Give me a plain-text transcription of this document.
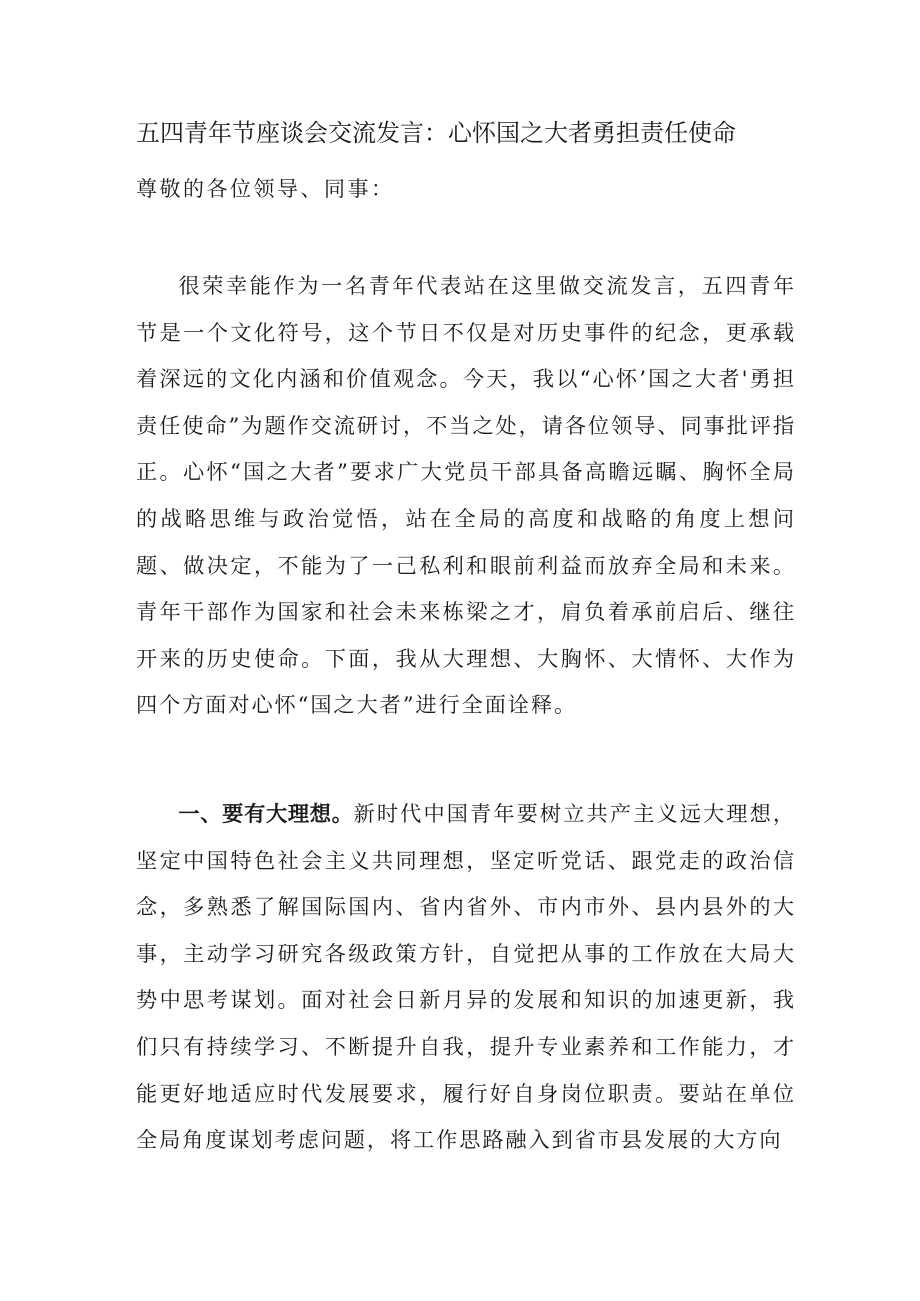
五四青年节座谈会交流发言：心怀国之大者勇担责任使命
尊敬的各位领导、同事：
很荣幸能作为一名青年代表站在这里做交流发言，五四青年节是一个文化符号，这个节日不仅是对历史事件的纪念，更承载着深远的文化内涵和价值观念。今天，我以“心怀’国之大者'勇担责任使命”为题作交流研讨，不当之处，请各位领导、同事批评指正。心怀“国之大者”要求广大党员干部具备高瞻远瞩、胸怀全局的战略思维与政治觉悟，站在全局的高度和战略的角度上想问题、做决定，不能为了一己私利和眼前利益而放弃全局和未来。青年干部作为国家和社会未来栋梁之才，肩负着承前启后、继往开来的历史使命。下面，我从大理想、大胸怀、大情怀、大作为四个方面对心怀“国之大者”进行全面诠释。
一、要有大理想。新时代中国青年要树立共产主义远大理想，坚定中国特色社会主义共同理想，坚定听党话、跟党走的政治信念，多熟悉了解国际国内、省内省外、市内市外、县内县外的大事，主动学习研究各级政策方针，自觉把从事的工作放在大局大势中思考谋划。面对社会日新月异的发展和知识的加速更新，我们只有持续学习、不断提升自我，提升专业素养和工作能力，才能更好地适应时代发展要求，履行好自身岗位职责。要站在单位全局角度谋划考虑问题，将工作思路融入到省市县发展的大方向
